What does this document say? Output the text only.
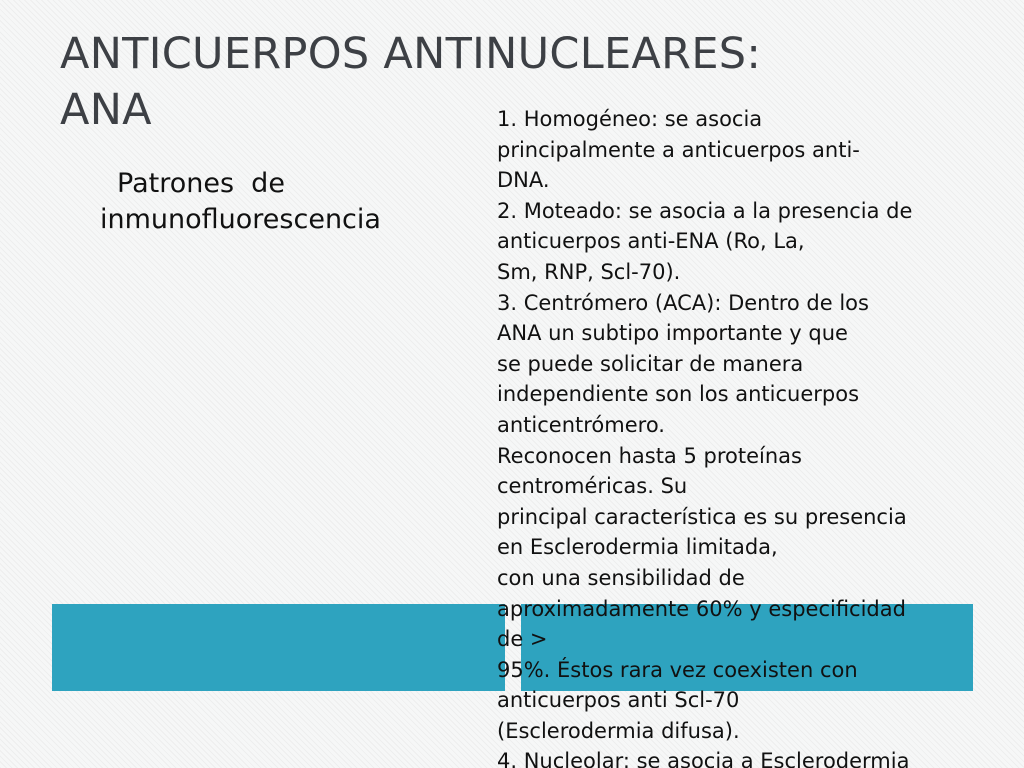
ANTICUERPOS ANTINUCLEARES:
ANA
Patrones  de
inmunofluorescencia
1. Homogéneo: se asocia
principalmente a anticuerpos anti-
DNA.
2. Moteado: se asocia a la presencia de
anticuerpos anti-ENA (Ro, La,
Sm, RNP, Scl-70).
3. Centrómero (ACA): Dentro de los
ANA un subtipo importante y que
se puede solicitar de manera
independiente son los anticuerpos
anticentrómero.
Reconocen hasta 5 proteínas
centroméricas. Su
principal característica es su presencia
en Esclerodermia limitada,
con una sensibilidad de
aproximadamente 60% y especificidad
de >
95%. Éstos rara vez coexisten con
anticuerpos anti Scl-70
(Esclerodermia difusa).
4. Nucleolar: se asocia a Esclerodermia
